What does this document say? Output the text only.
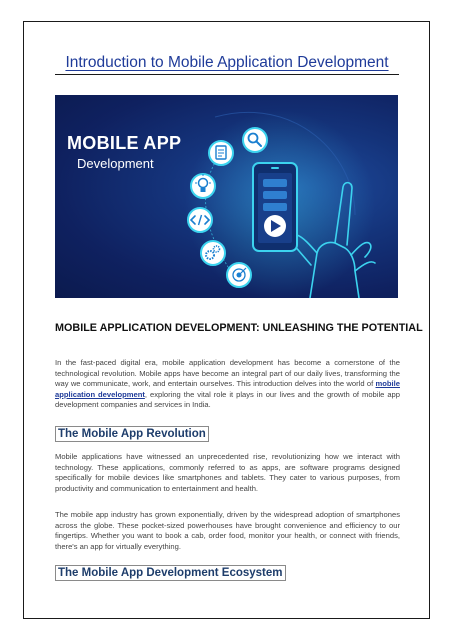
Introduction to Mobile Application Development

MOBILE APP

Development

MOBILE APPLICATION DEVELOPMENT: UNLEASHING THE POTENTIAL

In the fast-paced digital era, mobile application development has become a cornerstone of the technological revolution. Mobile apps have become an integral part of our daily lives, transforming the way we communicate, work, and entertain ourselves. This introduction delves into the world of mobile application development, exploring the vital role it plays in our lives and the growth of mobile app development companies and services in India.

The Mobile App Revolution

Mobile applications have witnessed an unprecedented rise, revolutionizing how we interact with technology. These applications, commonly referred to as apps, are software programs designed specifically for mobile devices like smartphones and tablets. They cater to various purposes, from productivity and communication to entertainment and health.

The mobile app industry has grown exponentially, driven by the widespread adoption of smartphones across the globe. These pocket-sized powerhouses have brought convenience and efficiency to our fingertips. Whether you want to book a cab, order food, monitor your health, or connect with friends, there's an app for virtually everything.

The Mobile App Development Ecosystem
